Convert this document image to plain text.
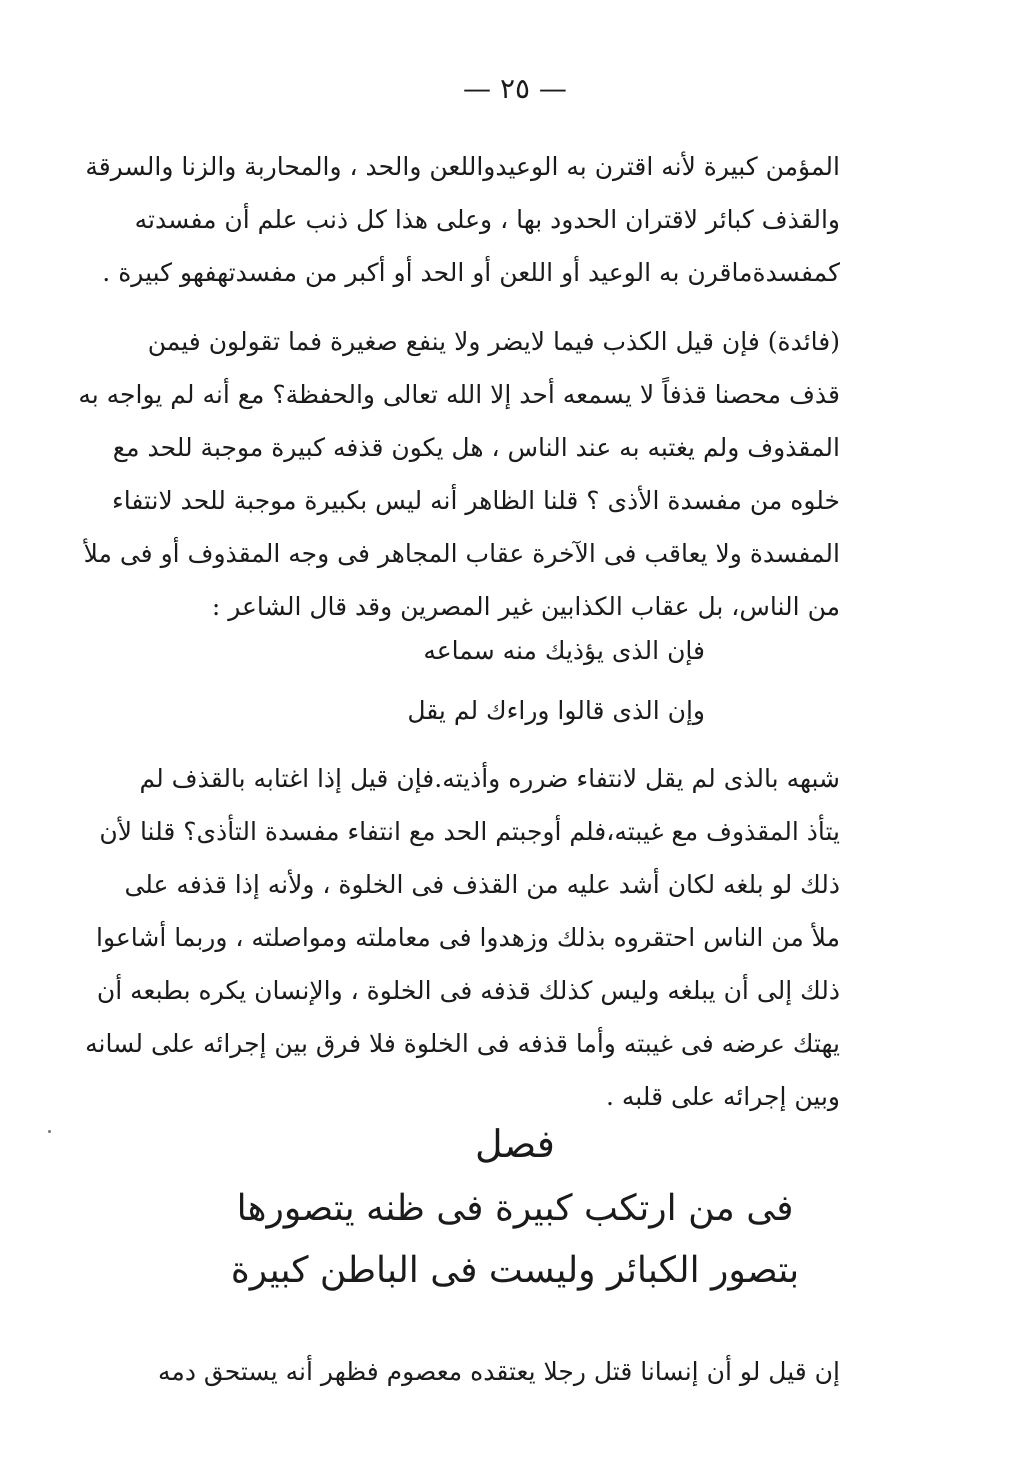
— ٢٥ —
المؤمن كبيرة لأنه اقترن به الوعيدواللعن والحد ، والمحاربة والزنا والسرقة
والقذف كبائر لاقتران الحدود بها ، وعلى هذا كل ذنب علم أن مفسدته
كمفسدةماقرن به الوعيد أو اللعن أو الحد أو أكبر من مفسدتهفهو كبيرة .
(فائدة) فإن قيل الكذب فيما لايضر ولا ينفع صغيرة فما تقولون فيمن
قذف محصنا قذفاً لا يسمعه أحد إلا الله تعالى والحفظة؟ مع أنه لم يواجه به
المقذوف ولم يغتبه به عند الناس ، هل يكون قذفه كبيرة موجبة للحد مع
خلوه من مفسدة الأذى ؟ قلنا الظاهر أنه ليس بكبيرة موجبة للحد لانتفاء
المفسدة ولا يعاقب فى الآخرة عقاب المجاهر فى وجه المقذوف أو فى ملأ
من الناس، بل عقاب الكذابين غير المصرين وقد قال الشاعر :
فإن الذى يؤذيك منه سماعه
وإن الذى قالوا وراءك لم يقل
شبهه بالذى لم يقل لانتفاء ضرره وأذيته.فإن قيل إذا اغتابه بالقذف لم
يتأذ المقذوف مع غيبته،فلم أوجبتم الحد مع انتفاء مفسدة التأذى؟ قلنا لأن
ذلك لو بلغه لكان أشد عليه من القذف فى الخلوة ، ولأنه إذا قذفه على
ملأ من الناس احتقروه بذلك وزهدوا فى معاملته ومواصلته ، وربما أشاعوا
ذلك إلى أن يبلغه وليس كذلك قذفه فى الخلوة ، والإنسان يكره بطبعه أن
يهتك عرضه فى غيبته وأما قذفه فى الخلوة فلا فرق بين إجرائه على لسانه
وبين إجرائه على قلبه .
فصل
فى من ارتكب كبيرة فى ظنه يتصورها
بتصور الكبائر وليست فى الباطن كبيرة
إن قيل لو أن إنسانا قتل رجلا يعتقده معصوم فظهر أنه يستحق دمه
